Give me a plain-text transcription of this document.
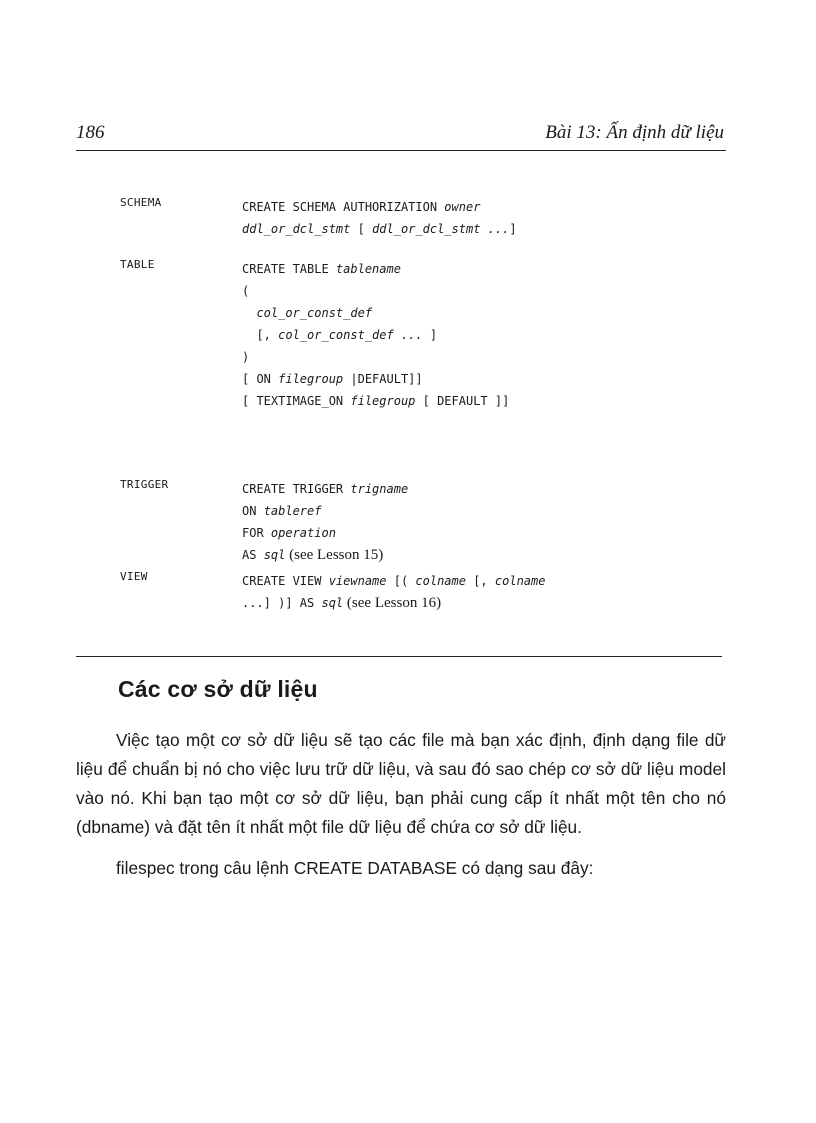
186	Bài 13: Ấn định dữ liệu
SCHEMA	CREATE SCHEMA AUTHORIZATION owner
ddl_or_dcl_stmt [ ddl_or_dcl_stmt ...]
TABLE	CREATE TABLE tablename
(
col_or_const_def
[, col_or_const_def ... ]
)
[ ON filegroup |DEFAULT]]
[ TEXTIMAGE_ON filegroup [ DEFAULT ]]
TRIGGER	CREATE TRIGGER trigname
ON tableref
FOR operation
AS sql (see Lesson 15)
VIEW	CREATE VIEW viewname [( colname [, colname
...] )] AS sql (see Lesson 16)
Các cơ sở dữ liệu

Việc tạo một cơ sở dữ liệu sẽ tạo các file mà bạn xác định, định dạng file dữ liệu để chuẩn bị nó cho việc lưu trữ dữ liệu, và sau đó sao chép cơ sở dữ liệu model vào nó. Khi bạn tạo một cơ sở dữ liệu, bạn phải cung cấp ít nhất một tên cho nó (dbname) và đặt tên ít nhất một file dữ liệu để chứa cơ sở dữ liệu.

filespec trong câu lệnh CREATE DATABASE có dạng sau đây:
